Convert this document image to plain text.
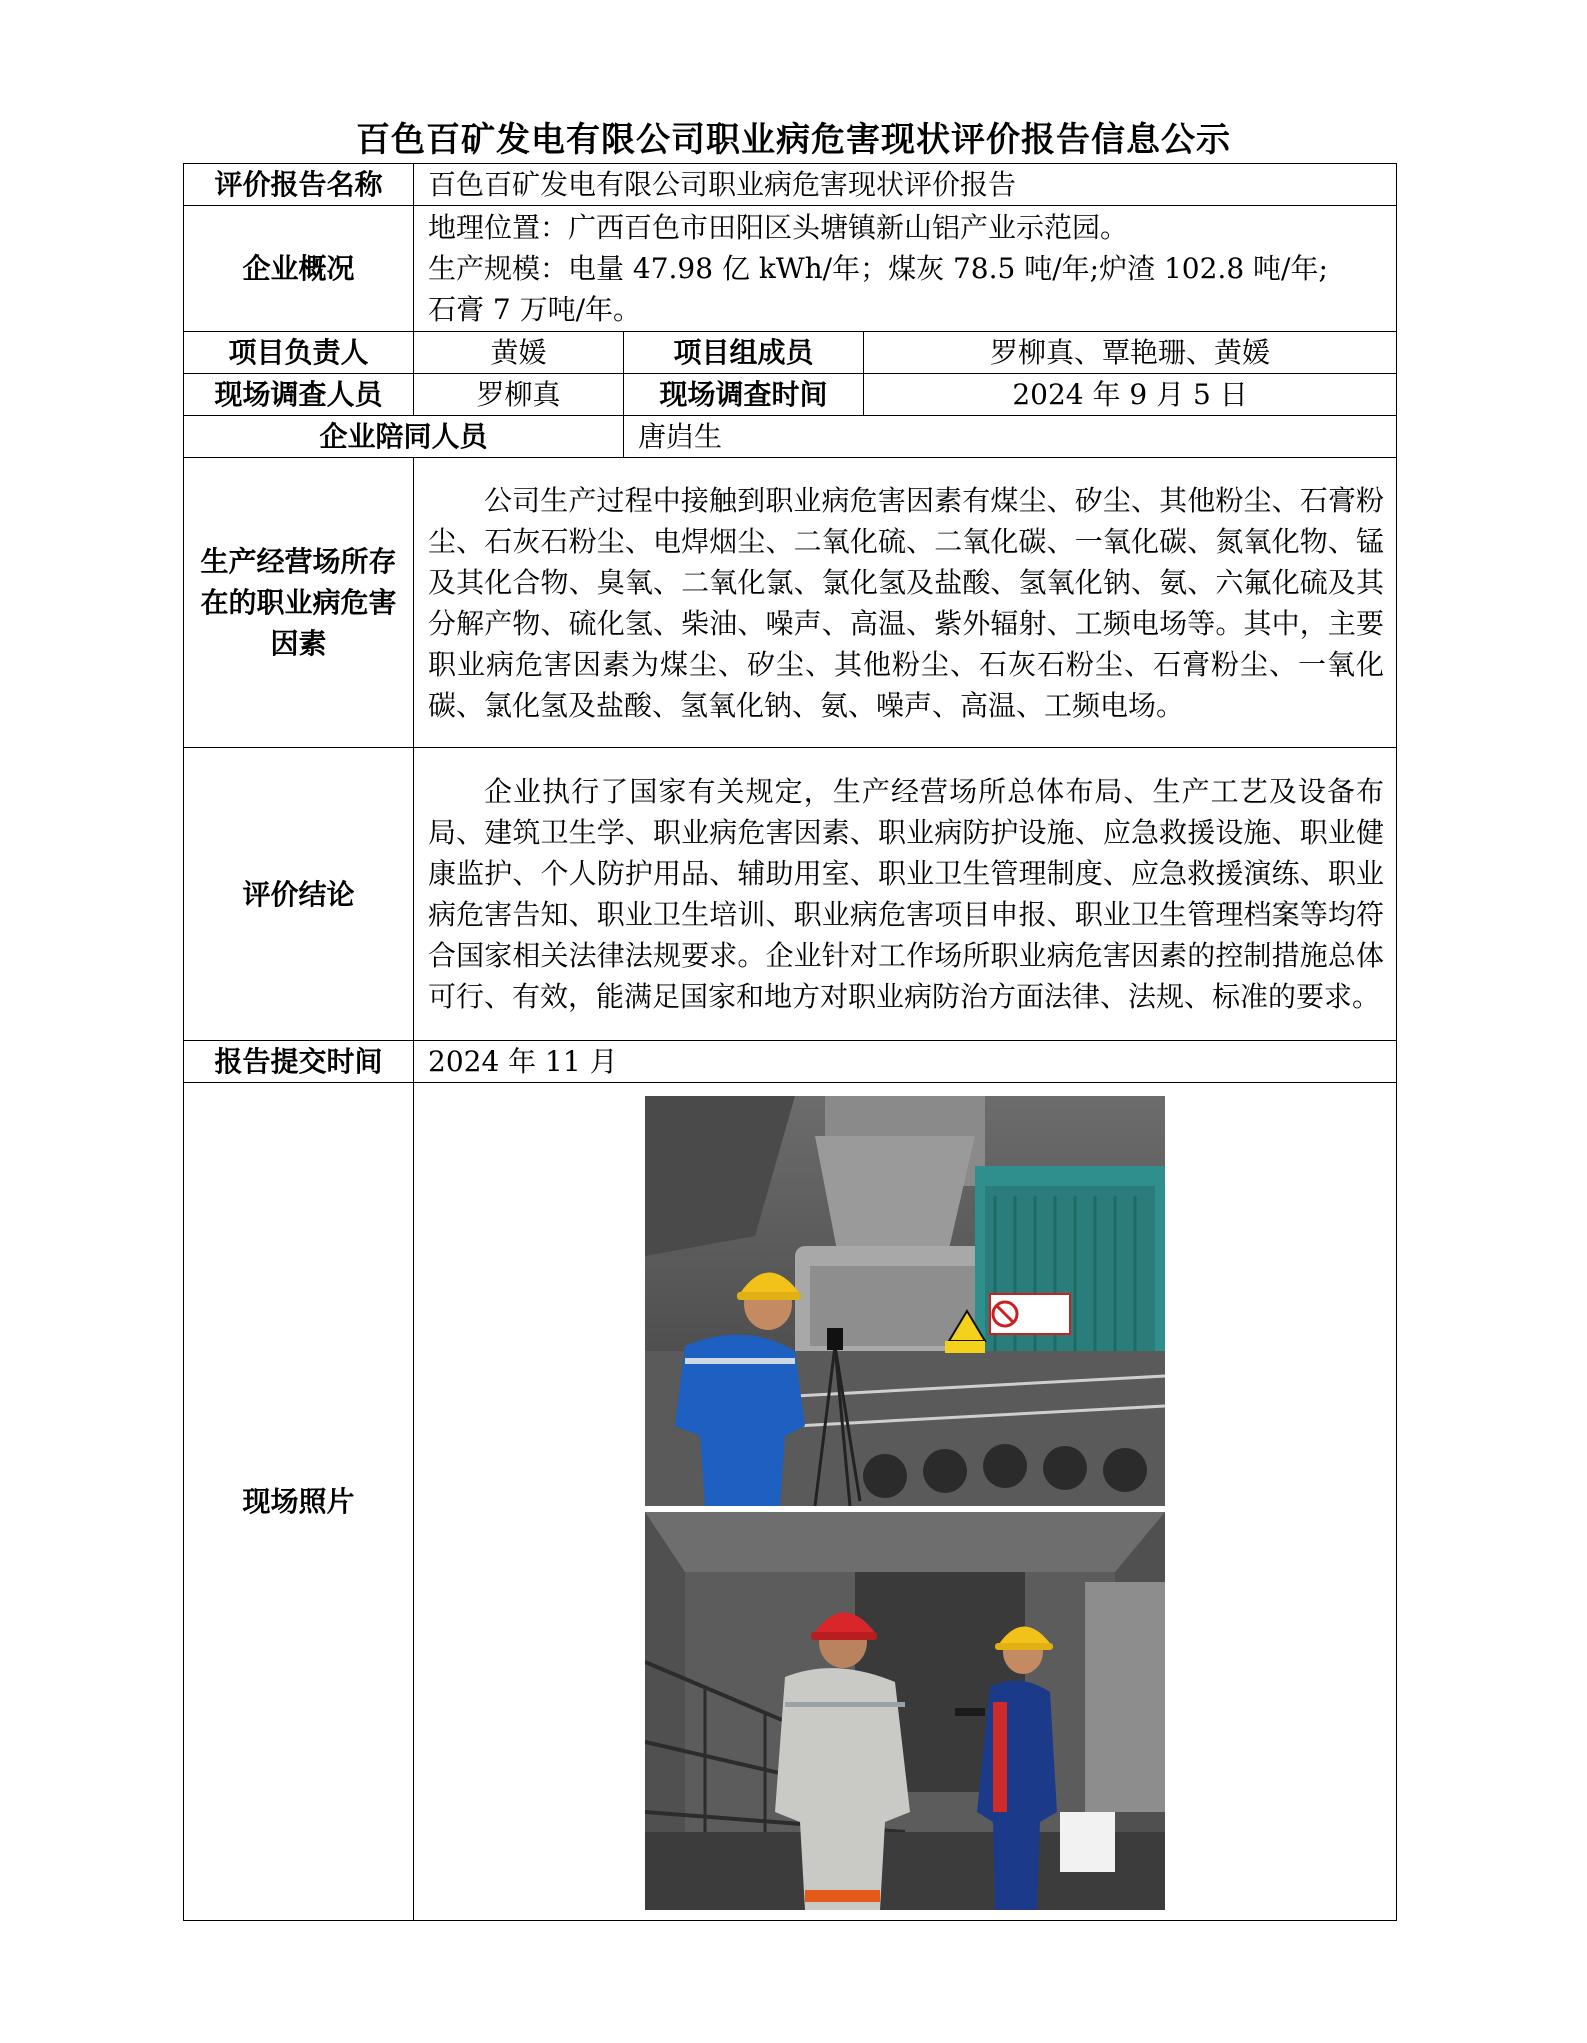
百色百矿发电有限公司职业病危害现状评价报告信息公示
评价报告名称	百色百矿发电有限公司职业病危害现状评价报告		
企业概况	地理位置：广西百色市田阳区头塘镇新山铝产业示范园。
生产规模：电量 47.98 亿 kWh/年；煤灰 78.5 吨/年;炉渣 102.8 吨/年;
石膏 7 万吨/年。		

项目负责人	黄媛	项目组成员	罗柳真、覃艳珊、黄媛
现场调查人员	罗柳真	现场调查时间	2024 年 9 月 5 日
企业陪同人员		唐岿生	
生产经营场所存在的职业病危害因素	公司生产过程中接触到职业病危害因素有煤尘、矽尘、其他粉尘、石膏粉尘、石灰石粉尘、电焊烟尘、二氧化硫、二氧化碳、一氧化碳、氮氧化物、锰及其化合物、臭氧、二氧化氯、氯化氢及盐酸、氢氧化钠、氨、六氟化硫及其分解产物、硫化氢、柴油、噪声、高温、紫外辐射、工频电场等。其中，主要职业病危害因素为煤尘、矽尘、其他粉尘、石灰石粉尘、石膏粉尘、一氧化碳、氯化氢及盐酸、氢氧化钠、氨、噪声、高温、工频电场。		
评价结论	企业执行了国家有关规定，生产经营场所总体布局、生产工艺及设备布局、建筑卫生学、职业病危害因素、职业病防护设施、应急救援设施、职业健康监护、个人防护用品、辅助用室、职业卫生管理制度、应急救援演练、职业病危害告知、职业卫生培训、职业病危害项目申报、职业卫生管理档案等均符合国家相关法律法规要求。企业针对工作场所职业病危害因素的控制措施总体可行、有效，能满足国家和地方对职业病防治方面法律、法规、标准的要求。		
报告提交时间	2024 年 11 月		
现场照片	
